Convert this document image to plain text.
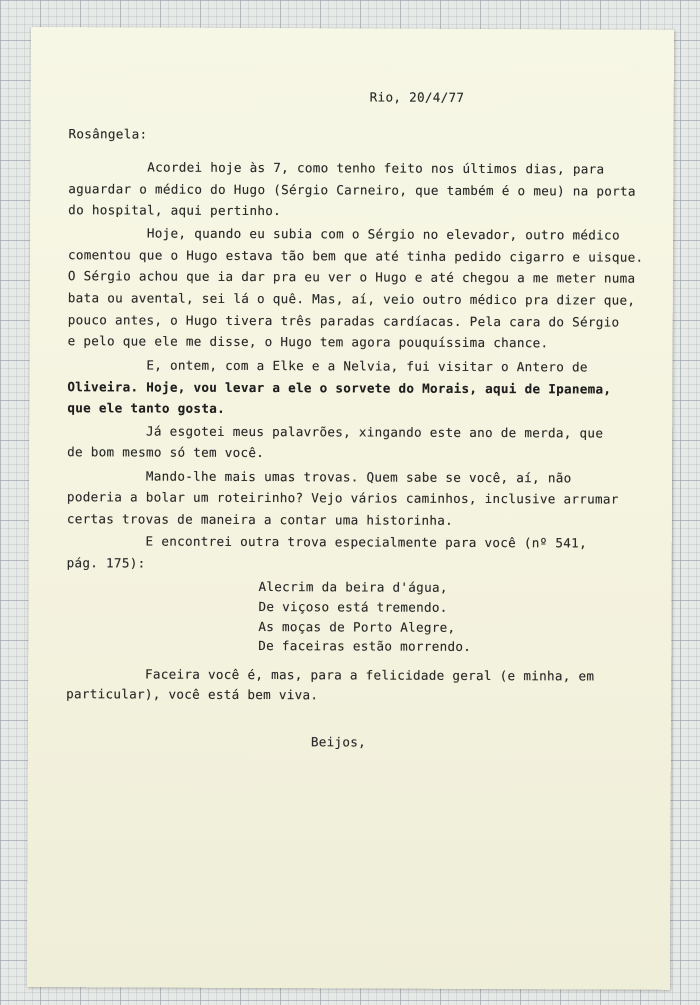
Rio, 20/4/77
Rosângela:
Acordei hoje às 7, como tenho feito nos últimos dias, para
aguardar o médico do Hugo (Sérgio Carneiro, que também é o meu) na porta
do hospital, aqui pertinho.
Hoje, quando eu subia com o Sérgio no elevador, outro médico
comentou que o Hugo estava tão bem que até tinha pedido cigarro e uisque.
O Sérgio achou que ia dar pra eu ver o Hugo e até chegou a me meter numa
bata ou avental, sei lá o quê. Mas, aí, veio outro médico pra dizer que,
pouco antes, o Hugo tivera três paradas cardíacas. Pela cara do Sérgio
e pelo que ele me disse, o Hugo tem agora pouquíssima chance.
E, ontem, com a Elke e a Nelvia, fui visitar o Antero de
Oliveira. Hoje, vou levar a ele o sorvete do Morais, aqui de Ipanema,
que ele tanto gosta.
Já esgotei meus palavrões, xingando este ano de merda, que
de bom mesmo só tem você.
Mando-lhe mais umas trovas. Quem sabe se você, aí, não
poderia a bolar um roteirinho? Vejo vários caminhos, inclusive arrumar
certas trovas de maneira a contar uma historinha.
E encontrei outra trova especialmente para você (nº 541,
pág. 175):
Alecrim da beira d'água,
De viçoso está tremendo.
As moças de Porto Alegre,
De faceiras estão morrendo.
Faceira você é, mas, para a felicidade geral (e minha, em
particular), você está bem viva.
Beijos,
